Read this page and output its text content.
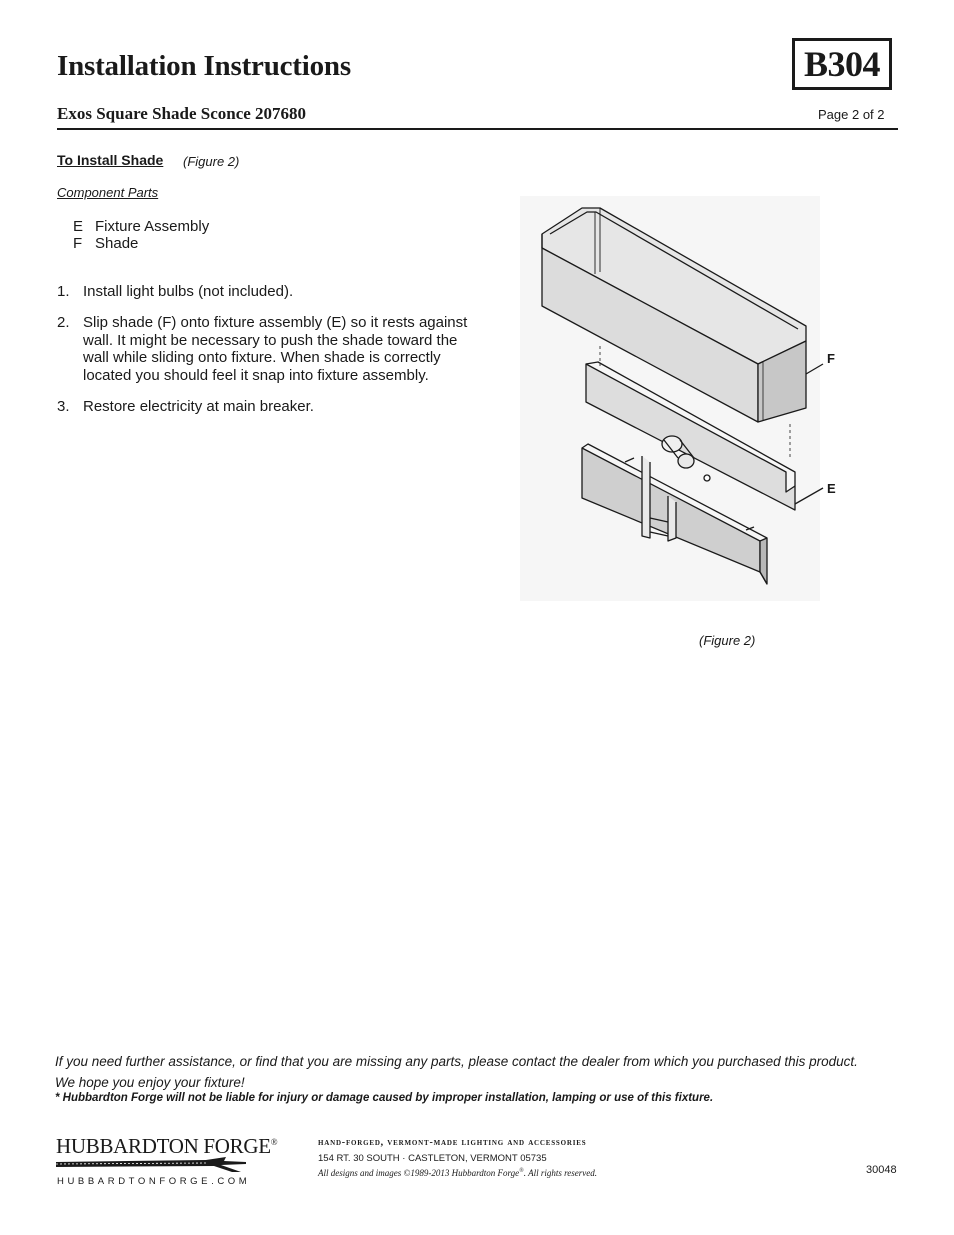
Installation Instructions	B304
Exos Square Shade Sconce 207680	Page 2 of 2
To Install Shade (Figure 2)
Component Parts
E Fixture Assembly
F Shade
1. Install light bulbs (not included).
2. Slip shade (F) onto fixture assembly (E) so it rests against wall. It might be necessary to push the shade toward the wall while sliding onto fixture. When shade is correctly located you should feel it snap into fixture assembly.
3. Restore electricity at main breaker.
F
E
(Figure 2)
If you need further assistance, or find that you are missing any parts, please contact the dealer from which you purchased this product.
We hope you enjoy your fixture!
* Hubbardton Forge will not be liable for injury or damage caused by improper installation, lamping or use of this fixture.
HUBBARDTON FORGE®
HUBBARDTONFORGE.COM
hand-forged, vermont-made lighting and accessories
154 RT. 30 SOUTH · CASTLETON, VERMONT 05735
All designs and images ©1989-2013 Hubbardton Forge®. All rights reserved.	30048
